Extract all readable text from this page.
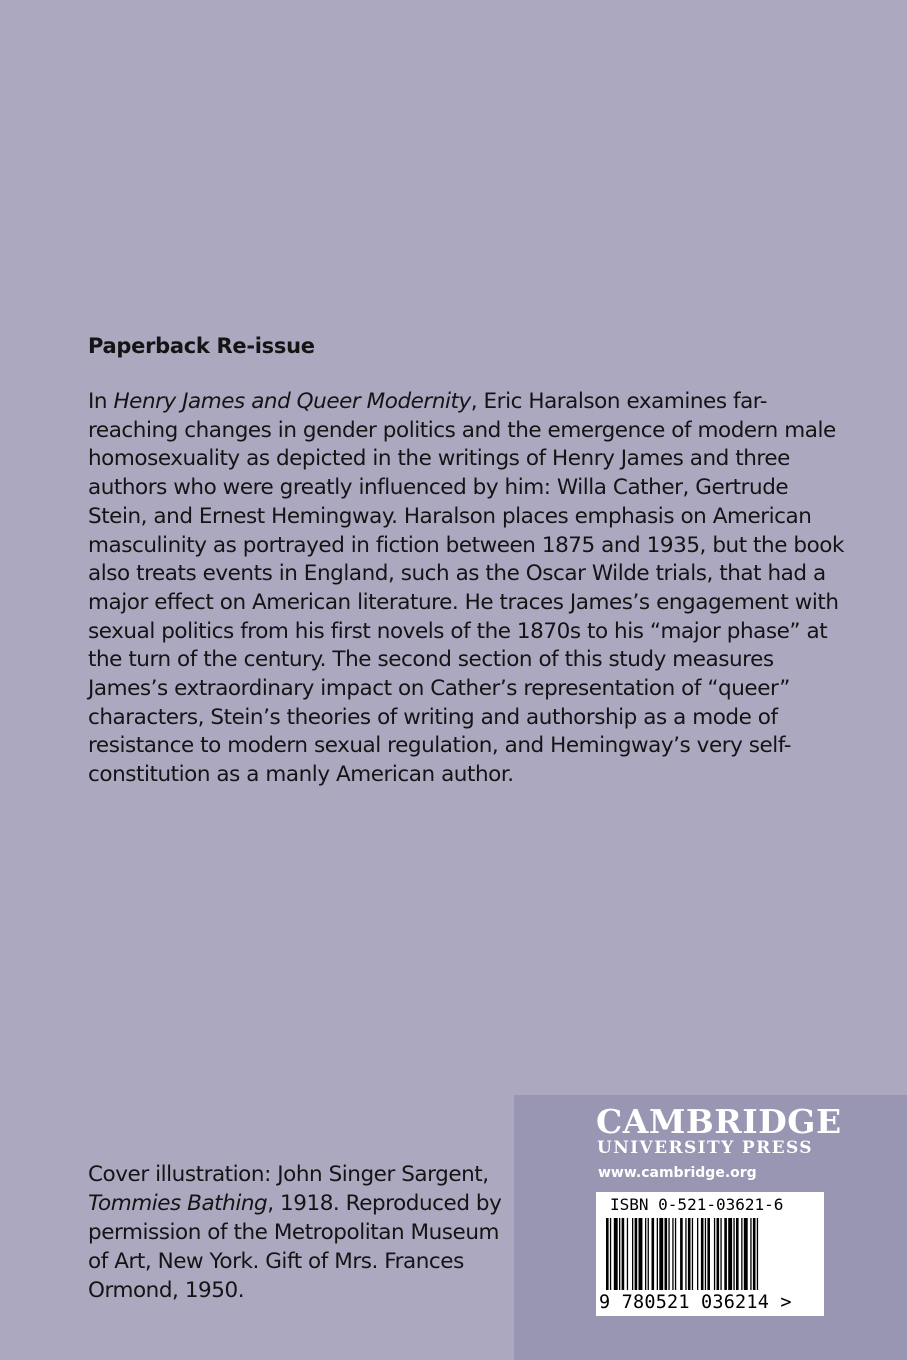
Paperback Re-issue

In Henry James and Queer Modernity, Eric Haralson examines far-reaching changes in gender politics and the emergence of modern male homosexuality as depicted in the writings of Henry James and three authors who were greatly influenced by him: Willa Cather, Gertrude Stein, and Ernest Hemingway. Haralson places emphasis on American masculinity as portrayed in fiction between 1875 and 1935, but the book also treats events in England, such as the Oscar Wilde trials, that had a major effect on American literature. He traces James’s engagement with sexual politics from his first novels of the 1870s to his “major phase” at the turn of the century. The second section of this study measures James’s extraordinary impact on Cather’s representation of “queer” characters, Stein’s theories of writing and authorship as a mode of resistance to modern sexual regulation, and Hemingway’s very self-constitution as a manly American author.

Cover illustration: John Singer Sargent, Tommies Bathing, 1918. Reproduced by permission of the Metropolitan Museum of Art, New York. Gift of Mrs. Frances Ormond, 1950.

CAMBRIDGE
UNIVERSITY PRESS
www.cambridge.org
ISBN 0-521-03621-6
9 780521 036214 >
